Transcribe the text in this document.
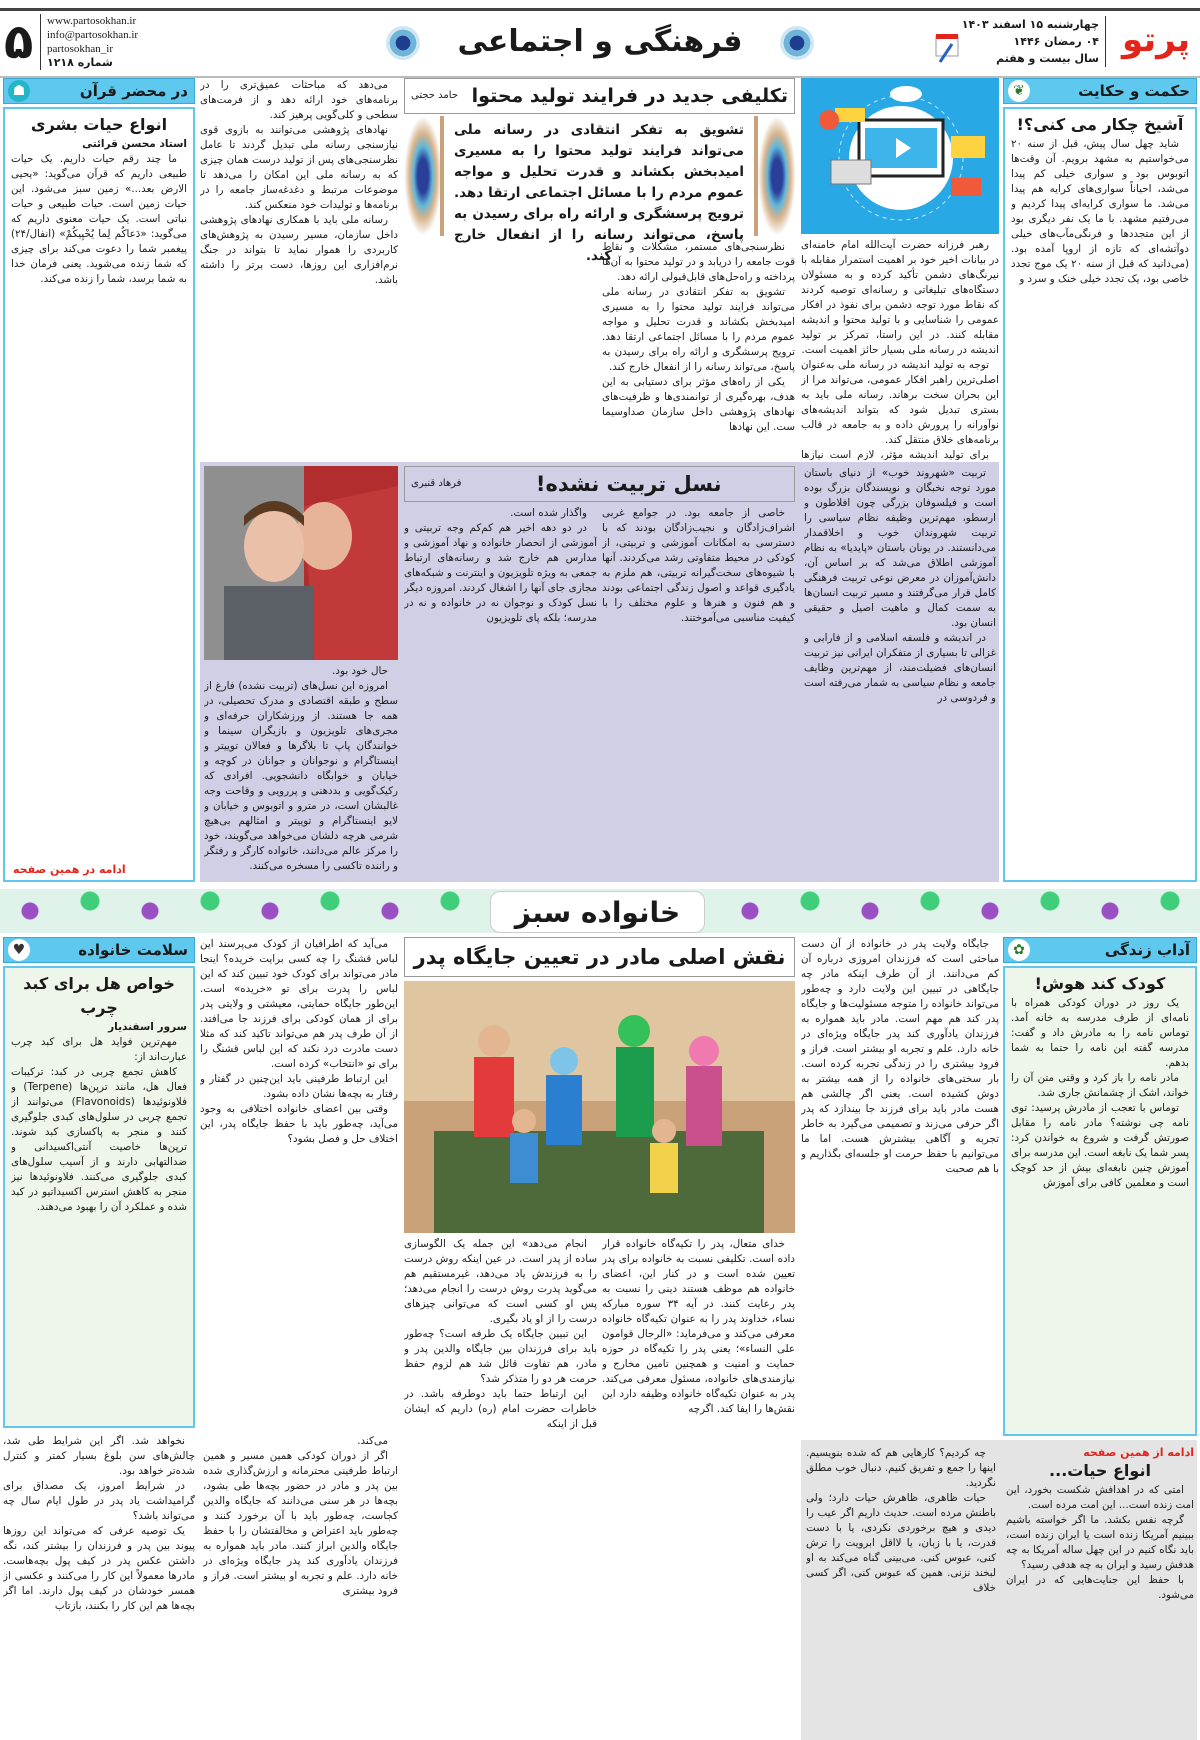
پرتو
چهارشنبه ۱۵ اسفند ۱۴۰۳
۰۴ رمضان ۱۴۴۶
سال بیست و هفتم
فرهنگی و اجتماعی
۵ www.partosokhan.ir
info@partosokhan.ir
partosokhan_ir
شماره ۱۲۱۸
حکمت و حکایت
❦
آشیخ چکار می کنی؟!

شاید چهل سال پیش، قبل از سنه ۲۰ می‌خواستیم به مشهد برویم. آن وقت‌ها اتوبوس بود و سواری خیلی کم پیدا می‌شد، احیاناً سواری‌های کرایه هم پیدا می‌شد. ما سواری کرایه‌ای پیدا کردیم و می‌رفتیم مشهد. با ما یک نفر دیگری بود از این متجددها و فرنگی‌مآب‌های خیلی دوآتشه‌ای که تازه از اروپا آمده بود. (می‌دانید که قبل از سنه ۲۰ یک موج تجدد خاصی بود، یک تجدد خیلی خنک و سرد و

رهبر فرزانه حضرت آیت‌الله امام خامنه‌ای در بیانات اخیر خود بر اهمیت استمرار مقابله با نیرنگ‌های دشمن تأکید کرده و به مسئولان دستگاه‌های تبلیغاتی و رسانه‌ای توصیه کردند که نقاط مورد توجه دشمن برای نفوذ در افکار عمومی را شناسایی و با تولید محتوا و اندیشه مقابله کنند. در این راستا، تمرکز بر تولید اندیشه در رسانه ملی بسیار حائز اهمیت است.

توجه به تولید اندیشه در رسانه ملی به‌عنوان اصلی‌ترین راهبر افکار عمومی، می‌تواند مرا از این بحران سخت برهاند. رسانه ملی باید به بستری تبدیل شود که بتواند اندیشه‌های نوآورانه را پرورش داده و به جامعه در قالب برنامه‌های خلاق منتقل کند.

برای تولید اندیشه مؤثر، لازم است نیازها

تکلیفی جدید در فرایند تولید محتوا
حامد حجتی
تشویق به تفکر انتقادی در رسانه ملی می‌تواند فرایند تولید محتوا را به مسیری امیدبخش بکشاند و قدرت تحلیل و مواجه عموم مردم را با مسائل اجتماعی ارتقا دهد. ترویج پرسشگری و ارائه راه برای رسیدن به پاسخ، می‌تواند رسانه را از انفعال خارج کند.

نظرسنجی‌های مستمر، مشکلات و نقاط قوت جامعه را دریابد و در تولید محتوا به آن‌ها پرداخته و راه‌حل‌های قابل‌قبولی ارائه دهد.

تشویق به تفکر انتقادی در رسانه ملی می‌تواند فرایند تولید محتوا را به مسیری امیدبخش بکشاند و قدرت تحلیل و مواجه عموم مردم را با مسائل اجتماعی ارتقا دهد. ترویج پرسشگری و ارائه راه برای رسیدن به پاسخ، می‌تواند رسانه را از انفعال خارج کند.

یکی از راه‌های مؤثر برای دستیابی به این هدف، بهره‌گیری از توانمندی‌ها و ظرفیت‌های نهادهای پژوهشی داخل سازمان صداوسیما ست. این نهادها

می‌دهد که مباحثات عمیق‌تری را در برنامه‌های خود ارائه دهد و از فرمت‌های سطحی و کلی‌گویی پرهیز کند.

نهادهای پژوهشی می‌توانند به بازوی قوی نیازسنجی رسانه ملی تبدیل گردند تا عامل نظرسنجی‌های پس از تولید درست همان چیزی که به رسانه ملی این امکان را می‌دهد تا موضوعات مرتبط و دغدغه‌ساز جامعه را در برنامه‌ها و تولیدات خود منعکس کند.

رسانه ملی باید با همکاری نهادهای پژوهشی داخل سازمان، مسیر رسیدن به پژوهش‌های کاربردی را هموار نماید تا بتواند در جنگ نرم‌افزاری این روزها، دست برتر را داشته باشد.

در محضر قرآن
☗
انواع حیات بشری
استاد محسن قرائتی

ما چند رقم حیات داریم. یک حیات طبیعی داریم که قرآن می‌گوید: «یحیی الارض بعد...» زمین سبز می‌شود. این حیات زمین است. حیات طبیعی و حیات نباتی است. یک حیات معنوی داریم که می‌گوید: «دَعاكُم لِما يُحْيِيكُمْ» (انفال/۲۴) پیغمبر شما را دعوت می‌کند برای چیزی که شما زنده می‌شوید. یعنی فرمان خدا به شما برسد، شما را زنده می‌کند.

ادامه در همین صفحه
نسل تربیت نشده!
فرهاد قنبری

تربیت «شهروند خوب» از دنیای باستان مورد توجه نخبگان و نویسندگان بزرگ بوده است و فیلسوفان بزرگی چون افلاطون و ارسطو، مهم‌ترین وظیفه نظام سیاسی را تربیت شهروندان خوب و اخلاقمدار می‌دانستند. در یونان باستان «پایدیا» به نظام آموزشی اطلاق می‌شد که بر اساس آن، دانش‌آموزان در معرض نوعی تربیت فرهنگی کامل قرار می‌گرفتند و مسیر تربیت انسان‌ها به سمت کمال و ماهیت اصیل و حقیقی انسان بود.

در اندیشه و فلسفه اسلامی و از فارابی و غزالی تا بسیاری از متفکران ایرانی نیز تربیت انسان‌های فضیلت‌مند، از مهم‌ترین وظایف جامعه و نظام سیاسی به شمار می‌رفته است و فردوسی در

خاصی از جامعه بود. در جوامع غربی اشراف‌زادگان و نجیب‌زادگان بودند که با دسترسی به امکانات آموزشی و تربیتی، از کودکی در محیط متفاوتی رشد می‌کردند. آنها با شیوه‌های سخت‌گیرانه تربیتی، هم ملزم به یادگیری قواعد و اصول زندگی اجتماعی بودند و هم فنون و هنرها و علوم مختلف را با کیفیت مناسبی می‌آموختند.

واگذار شده است.

در دو دهه اخیر هم کم‌کم وجه تربیتی و آموزشی از انحصار خانواده و نهاد آموزشی و مدارس هم خارج شد و رسانه‌های ارتباط جمعی به ویژه تلویزیون و اینترنت و شبکه‌های مجازی جای آنها را اشغال کردند. امروزه دیگر نسل کودک و نوجوان نه در خانواده و نه در مدرسه؛ بلکه پای تلویزیون

حال خود بود.

امروزه این نسل‌های (تربیت نشده) فارغ از سطح و طبقه اقتصادی و مدرک تحصیلی، در همه جا هستند. از ورزشکاران حرفه‌ای و مجری‌های تلویزیون و بازیگران سینما و خوانندگان پاپ تا بلاگرها و فعالان توییتر و اینستاگرام و نوجوانان و جوانان در کوچه و خیابان و خوابگاه دانشجویی. افرادی که رکیک‌گویی و بددهنی و پررویی و وقاحت وجه غالبشان است، در مترو و اتوبوس و خیابان و لایو اینستاگرام و توییتر و امثالهم بی‌هیچ شرمی هرچه دلشان می‌خواهد می‌گویند، خود را مرکز عالم می‌دانند، خانواده کارگر و رفتگر و راننده تاکسی را مسخره می‌کنند.

خانواده سبز
آداب زندگی
✿
کودک کند هوش!

یک روز در دوران کودکی همراه با نامه‌ای از طرف مدرسه به خانه آمد. توماس نامه را به مادرش داد و گفت: مدرسه گفته این نامه را حتما به شما بدهم.

مادر نامه را باز کرد و وقتی متن آن را خواند، اشک از چشمانش جاری شد.

توماس با تعجب از مادرش پرسید: توی نامه چی نوشته؟ مادر نامه را مقابل صورتش گرفت و شروع به خواندن کرد: پسر شما یک نابغه است. این مدرسه برای آموزش چنین نابغه‌ای بیش از حد کوچک است و معلمین کافی برای آموزش

سلامت خانواده
♥
خواص هل برای کبد چرب
سرور اسفندیار

مهم‌ترین فواید هل برای کبد چرب عبارت‌اند از:

کاهش تجمع چربی در کبد: ترکیبات فعال هل، مانند ترپن‌ها (Terpene) و فلاونوئیدها (Flavonoids) می‌توانند از تجمع چربی در سلول‌های کبدی جلوگیری کنند و منجر به پاکسازی کبد شوند. ترپن‌ها خاصیت آنتی‌اکسیدانی و ضدالتهابی دارند و از آسیب سلول‌های کبدی جلوگیری می‌کنند. فلاونوئیدها نیز منجر به کاهش استرس اکسیداتیو در کبد شده و عملکرد آن را بهبود می‌دهند.

جایگاه ولایت پدر در خانواده از آن دست مباحثی است که فرزندان امروزی درباره آن کم می‌دانند. از آن طرف اینکه مادر چه جایگاهی در تبیین این ولایت دارد و چه‌طور می‌تواند خانواده را متوجه مسئولیت‌ها و جایگاه پدر کند هم مهم است. مادر باید همواره به فرزندان یادآوری کند پدر جایگاه ویژه‌ای در خانه دارد. علم و تجربه او بیشتر است. فراز و فرود بیشتری را در زندگی تجربه کرده است. بار سختی‌های خانواده را از همه بیشتر به دوش کشیده است. یعنی اگر چالشی هم هست مادر باید برای فرزند جا بیندازد که پدر اگر حرفی می‌زند و تصمیمی می‌گیرد به خاطر تجربه و آگاهی بیشترش هست. اما ما می‌توانیم با حفظ حرمت او جلسه‌ای بگذاریم و با هم صحبت

نقش اصلی مادر در تعیین جایگاه پدر

خدای متعال، پدر را تکیه‌گاه خانواده قرار داده است. تکلیفی نسبت به خانواده برای پدر تعیین شده است و در کنار این، اعضای خانواده هم موظف هستند دینی را نسبت به پدر رعایت کنند. در آیه ۳۴ سوره مبارکه نساء، خداوند پدر را به عنوان تکیه‌گاه خانواده معرفی می‌کند و می‌فرماید: «الرجال قوامون علی النساء»؛ یعنی پدر را تکیه‌گاه در حوزه حمایت و امنیت و همچنین تامین مخارج و نیازمندی‌های خانواده، مسئول معرفی می‌کند. پدر به عنوان تکیه‌گاه خانواده وظیفه دارد این نقش‌ها را ایفا کند. اگرچه

انجام می‌دهد» این جمله یک الگوسازی ساده از پدر است. در عین اینکه روش درست را به فرزندش یاد می‌دهد، غیرمستقیم هم می‌گوید پدرت روش درست را انجام می‌دهد؛ پس او کسی است که می‌توانی چیزهای درست را از او یاد بگیری.

این تبیین جایگاه یک طرفه است؟ چه‌طور باید برای فرزندان بین جایگاه والدین پدر و مادر، هم تفاوت قائل شد هم لزوم حفظ حرمت هر دو را متذکر شد؟

این ارتباط حتما باید دوطرفه باشد. در خاطرات حضرت امام (ره) داریم که ایشان قبل از اینکه

می‌آید که اطرافیان از کودک می‌پرسند این لباس قشنگ را چه کسی برایت خریده؟ اینجا مادر می‌تواند برای کودک خود تبیین کند که این لباس را پدرت برای تو «خریده» است. این‌طور جایگاه حمایتی، معیشتی و ولایتی پدر برای از همان کودکی برای فرزند جا می‌افتد. از آن طرف پدر هم می‌تواند تاکید کند که مثلا دست مادرت درد نکند که این لباس قشنگ را برای تو «انتخاب» کرده است.

این ارتباط طرفینی باید این‌چنین در گفتار و رفتار به بچه‌ها نشان داده بشود.

وقتی بین اعضای خانواده اختلافی به وجود می‌آید، چه‌طور باید با حفظ جایگاه پدر، این اختلاف حل و فصل بشود؟

می‌کند.

اگر از دوران کودکی همین مسیر و همین ارتباط طرفینی محترمانه و ارزش‌گذاری شده بین پدر و مادر در حضور بچه‌ها طی بشود، بچه‌ها در هر سنی می‌دانند که جایگاه والدین کجاست، چه‌طور باید با آن برخورد کنند و چه‌طور باید اعتراض و مخالفتشان را با حفظ جایگاه والدین ابراز کنند. مادر باید همواره به فرزندان یادآوری کند پدر جایگاه ویژه‌ای در خانه دارد. علم و تجربه او بیشتر است. فراز و فرود بیشتری

نخواهد شد. اگر این شرایط طی شد، چالش‌های سن بلوغ بسیار کمتر و کنترل شده‌تر خواهد بود.

در شرایط امروز، یک مصداق برای گرامیداشت یاد پدر در طول ایام سال چه می‌تواند باشد؟

یک توصیه عرفی که می‌تواند این روزها پیوند بین پدر و فرزندان را بیشتر کند، نگه داشتن عکس پدر در کیف پول بچه‌هاست. مادرها معمولاً این کار را می‌کنند و عکسی از همسر خودشان در کیف پول دارند. اما اگر بچه‌ها هم این کار را بکنند، بازتاب

ادامه از همین صفحه
انواع حیات...

امتی که در اهدافش شکست بخورد، این امت زنده است... این امت مرده است.

گرچه نفس بکشد. ما اگر خواسته باشیم ببینیم آمریکا زنده است یا ایران زنده است، باید نگاه کنیم در این چهل ساله آمریکا به چه هدفش رسید و ایران به چه هدفی رسید؟

با حفظ این جنایت‌هایی که در ایران می‌شود.

چه کردیم؟ کارهایی هم که شده بنویسیم. اینها را جمع و تفریق کنیم. دنبال خوب مطلق نگردید.

حیات ظاهری، ظاهرش حیات دارد؛ ولی باطنش مرده است. حدیث داریم اگر عیب را دیدی و هیچ برخوردی نکردی، یا با دست قدرت، یا با زبان، یا لااقل ابرویت را ترش کنی، عبوس کنی. می‌بینی گناه می‌کند به او لبخند نزنی. همین که عبوس کنی، اگر کسی خلاف
